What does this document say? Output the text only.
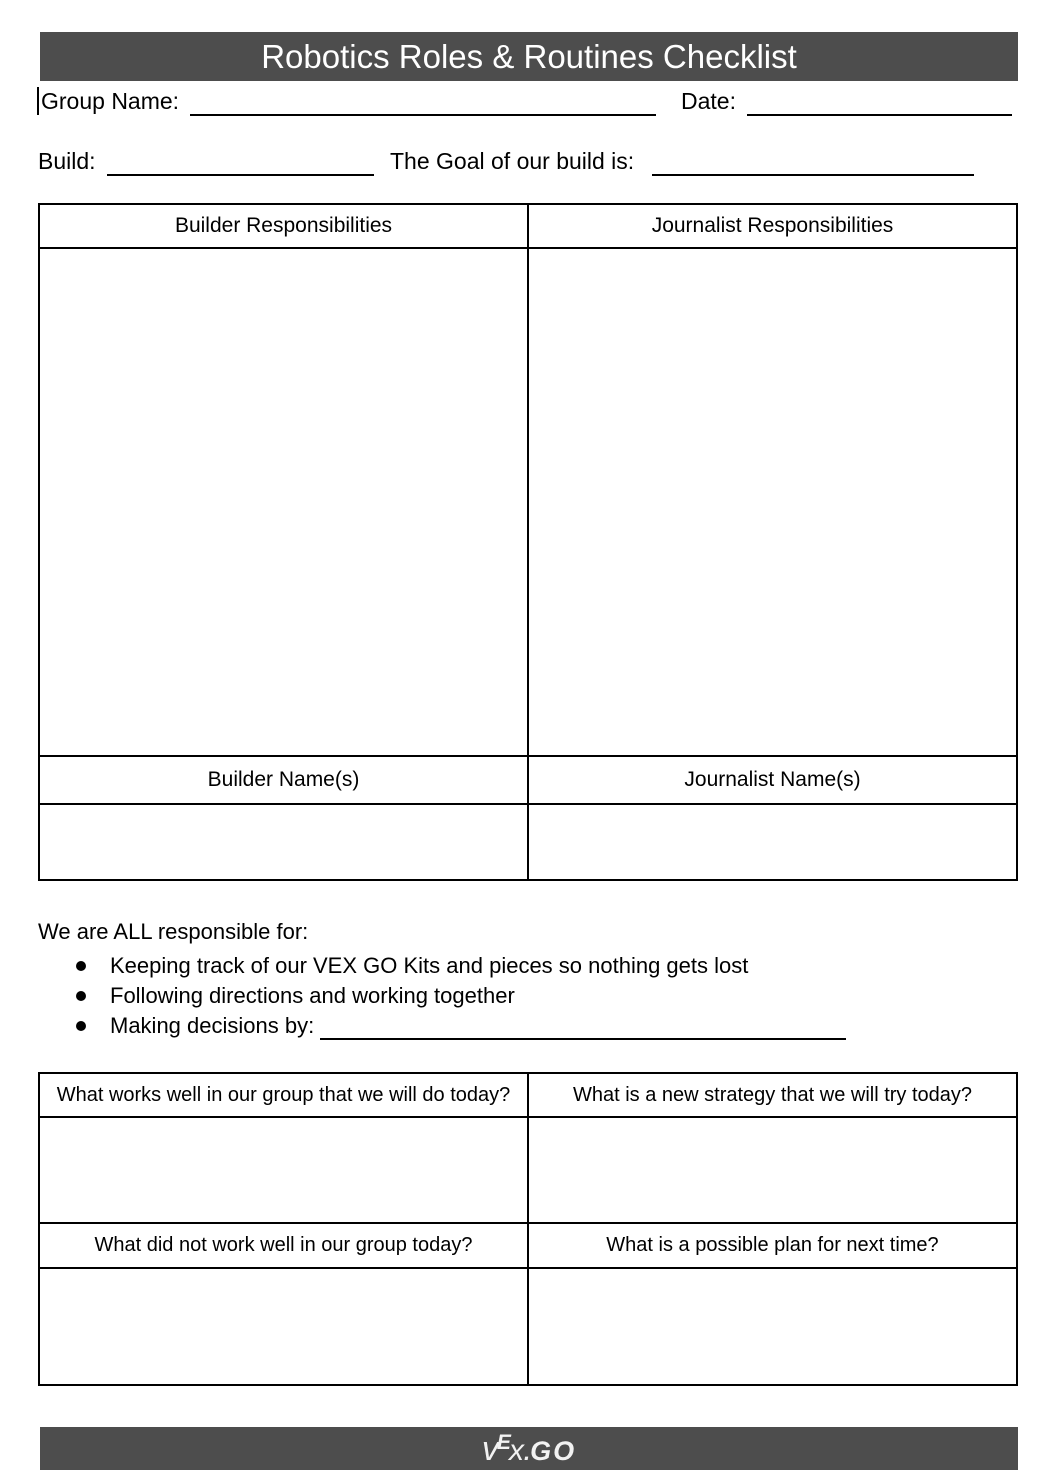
Robotics Roles & Routines Checklist
Group Name:	Date:
Build:	The Goal of our build is:
Builder Responsibilities	Journalist Responsibilities

Builder Name(s)	Journalist Name(s)

We are ALL responsible for:
Keeping track of our VEX GO Kits and pieces so nothing gets lost
Following directions and working together
Making decisions by:
What works well in our group that we will do today?	What is a new strategy that we will try today?

What did not work well in our group today?	What is a possible plan for next time?

vEx.GO
